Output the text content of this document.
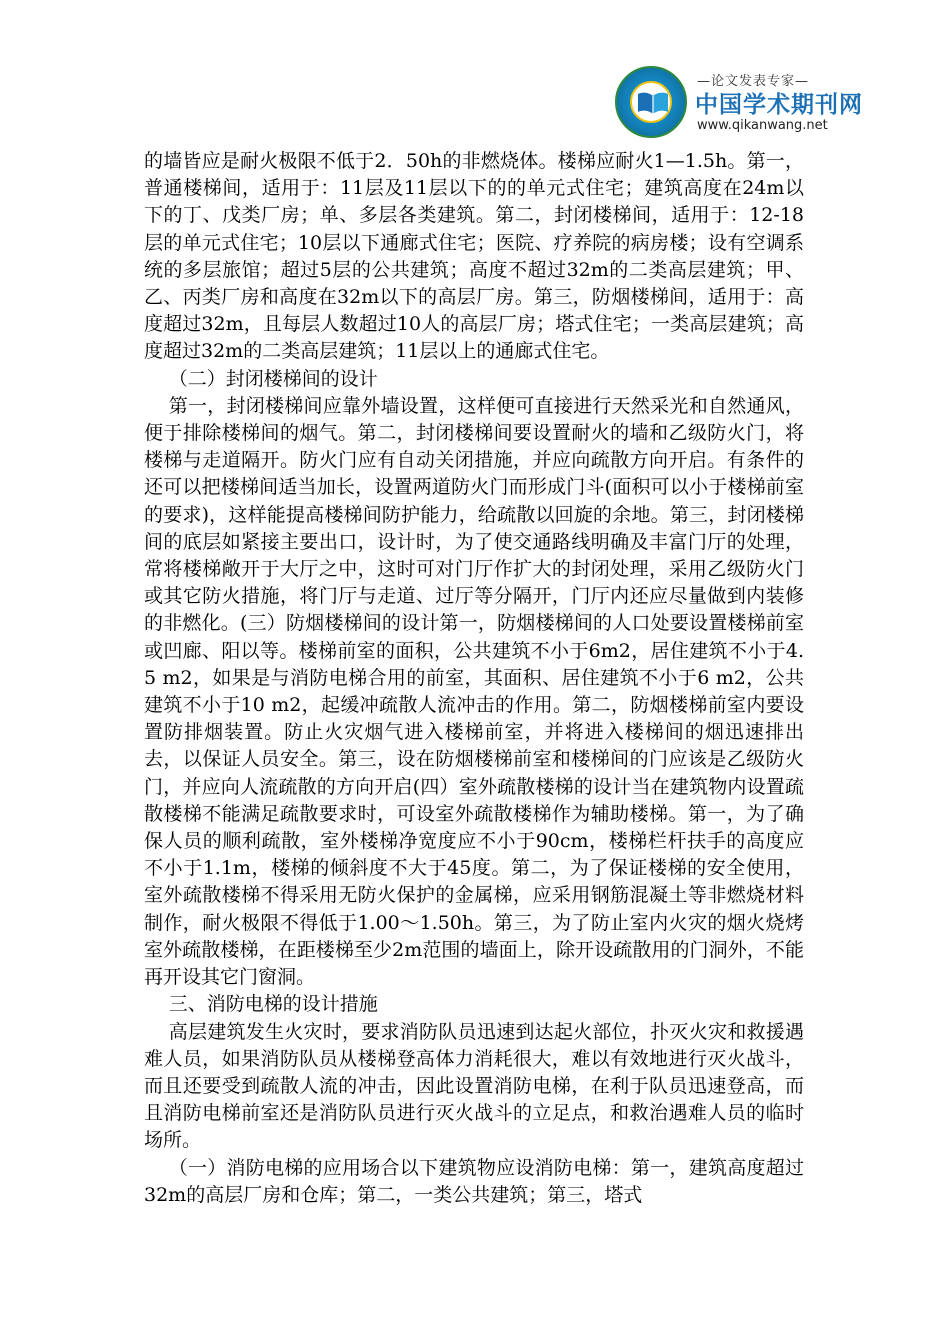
—论文发表专家—
中国学术期刊网
www.qikanwang.net

的墙皆应是耐火极限不低于2．50h的非燃烧体。楼梯应耐火1—1.5h。第一，普通楼梯间，适用于：11层及11层以下的的单元式住宅；建筑高度在24m以下的丁、戊类厂房；单、多层各类建筑。第二，封闭楼梯间，适用于：12-18层的单元式住宅；10层以下通廊式住宅；医院、疗养院的病房楼；设有空调系统的多层旅馆；超过5层的公共建筑；高度不超过32m的二类高层建筑；甲、乙、丙类厂房和高度在32m以下的高层厂房。第三，防烟楼梯间，适用于：高度超过32m，且每层人数超过10人的高层厂房；塔式住宅；一类高层建筑；高度超过32m的二类高层建筑；11层以上的通廊式住宅。

（二）封闭楼梯间的设计

第一，封闭楼梯间应靠外墙设置，这样便可直接进行天然采光和自然通风，便于排除楼梯间的烟气。第二，封闭楼梯间要设置耐火的墙和乙级防火门，将楼梯与走道隔开。防火门应有自动关闭措施，并应向疏散方向开启。有条件的还可以把楼梯间适当加长，设置两道防火门而形成门斗(面积可以小于楼梯前室的要求)，这样能提高楼梯间防护能力，给疏散以回旋的余地。第三，封闭楼梯间的底层如紧接主要出口，设计时，为了使交通路线明确及丰富门厅的处理，常将楼梯敞开于大厅之中，这时可对门厅作扩大的封闭处理，采用乙级防火门或其它防火措施，将门厅与走道、过厅等分隔开，门厅内还应尽量做到内装修的非燃化。(三）防烟楼梯间的设计第一，防烟楼梯间的人口处要设置楼梯前室或凹廊、阳以等。楼梯前室的面积，公共建筑不小于6m2，居住建筑不小于4.5 m2，如果是与消防电梯合用的前室，其面积、居住建筑不小于6 m2，公共建筑不小于10 m2，起缓冲疏散人流冲击的作用。第二，防烟楼梯前室内要设置防排烟装置。防止火灾烟气进入楼梯前室，并将进入楼梯间的烟迅速排出去，以保证人员安全。第三，设在防烟楼梯前室和楼梯间的门应该是乙级防火门，并应向人流疏散的方向开启(四）室外疏散楼梯的设计当在建筑物内设置疏散楼梯不能满足疏散要求时，可设室外疏散楼梯作为辅助楼梯。第一，为了确保人员的顺利疏散，室外楼梯净宽度应不小于90cm，楼梯栏杆扶手的高度应不小于1.1m，楼梯的倾斜度不大于45度。第二，为了保证楼梯的安全使用，室外疏散楼梯不得采用无防火保护的金属梯，应采用钢筋混凝土等非燃烧材料制作，耐火极限不得低于1.00～1.50h。第三，为了防止室内火灾的烟火烧烤室外疏散楼梯，在距楼梯至少2m范围的墙面上，除开设疏散用的门洞外，不能再开设其它门窗洞。

三、消防电梯的设计措施

高层建筑发生火灾时，要求消防队员迅速到达起火部位，扑灭火灾和救援遇难人员，如果消防队员从楼梯登高体力消耗很大，难以有效地进行灭火战斗，而且还要受到疏散人流的冲击，因此设置消防电梯，在利于队员迅速登高，而且消防电梯前室还是消防队员进行灭火战斗的立足点，和救治遇难人员的临时场所。

（一）消防电梯的应用场合以下建筑物应设消防电梯：第一，建筑高度超过32m的高层厂房和仓库；第二，一类公共建筑；第三，塔式
